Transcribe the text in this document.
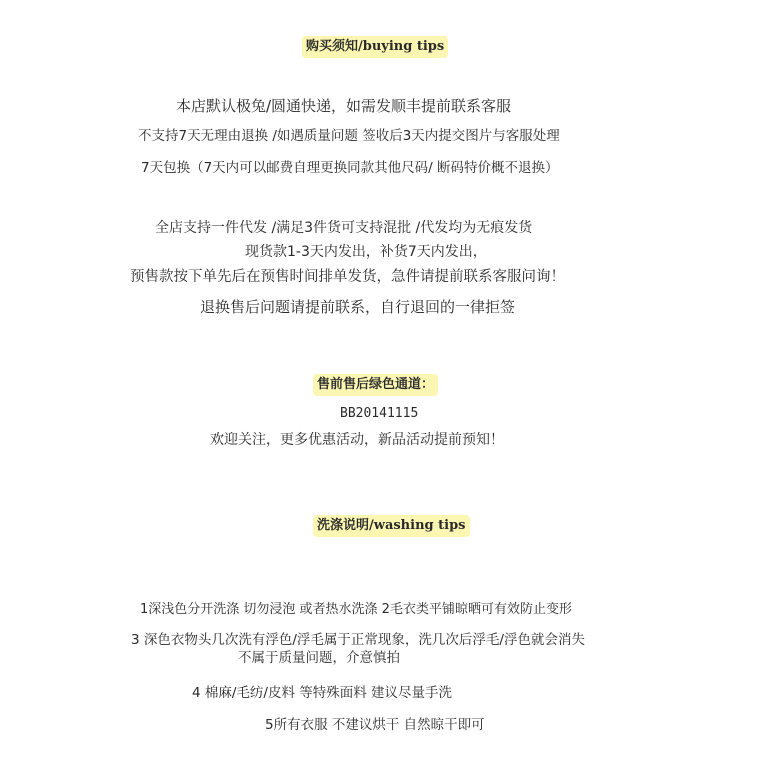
购买须知/buying tips
本店默认极兔/圆通快递，如需发顺丰提前联系客服
不支持7天无理由退换 /如遇质量问题 签收后3天内提交图片与客服处理
7天包换（7天内可以邮费自理更换同款其他尺码/ 断码特价概不退换）
全店支持一件代发 /满足3件货可支持混批 /代发均为无痕发货
现货款1-3天内发出，补货7天内发出，
预售款按下单先后在预售时间排单发货，急件请提前联系客服问询！
退换售后问题请提前联系，自行退回的一律拒签
售前售后绿色通道：
BB20141115
欢迎关注，更多优惠活动，新品活动提前预知！
洗涤说明/washing tips
1深浅色分开洗涤 切勿浸泡 或者热水洗涤 2毛衣类平铺晾晒可有效防止变形
3 深色衣物头几次洗有浮色/浮毛属于正常现象，洗几次后浮毛/浮色就会消失
不属于质量问题，介意慎拍
4 棉麻/毛纺/皮料 等特殊面料 建议尽量手洗
5所有衣服 不建议烘干 自然晾干即可
